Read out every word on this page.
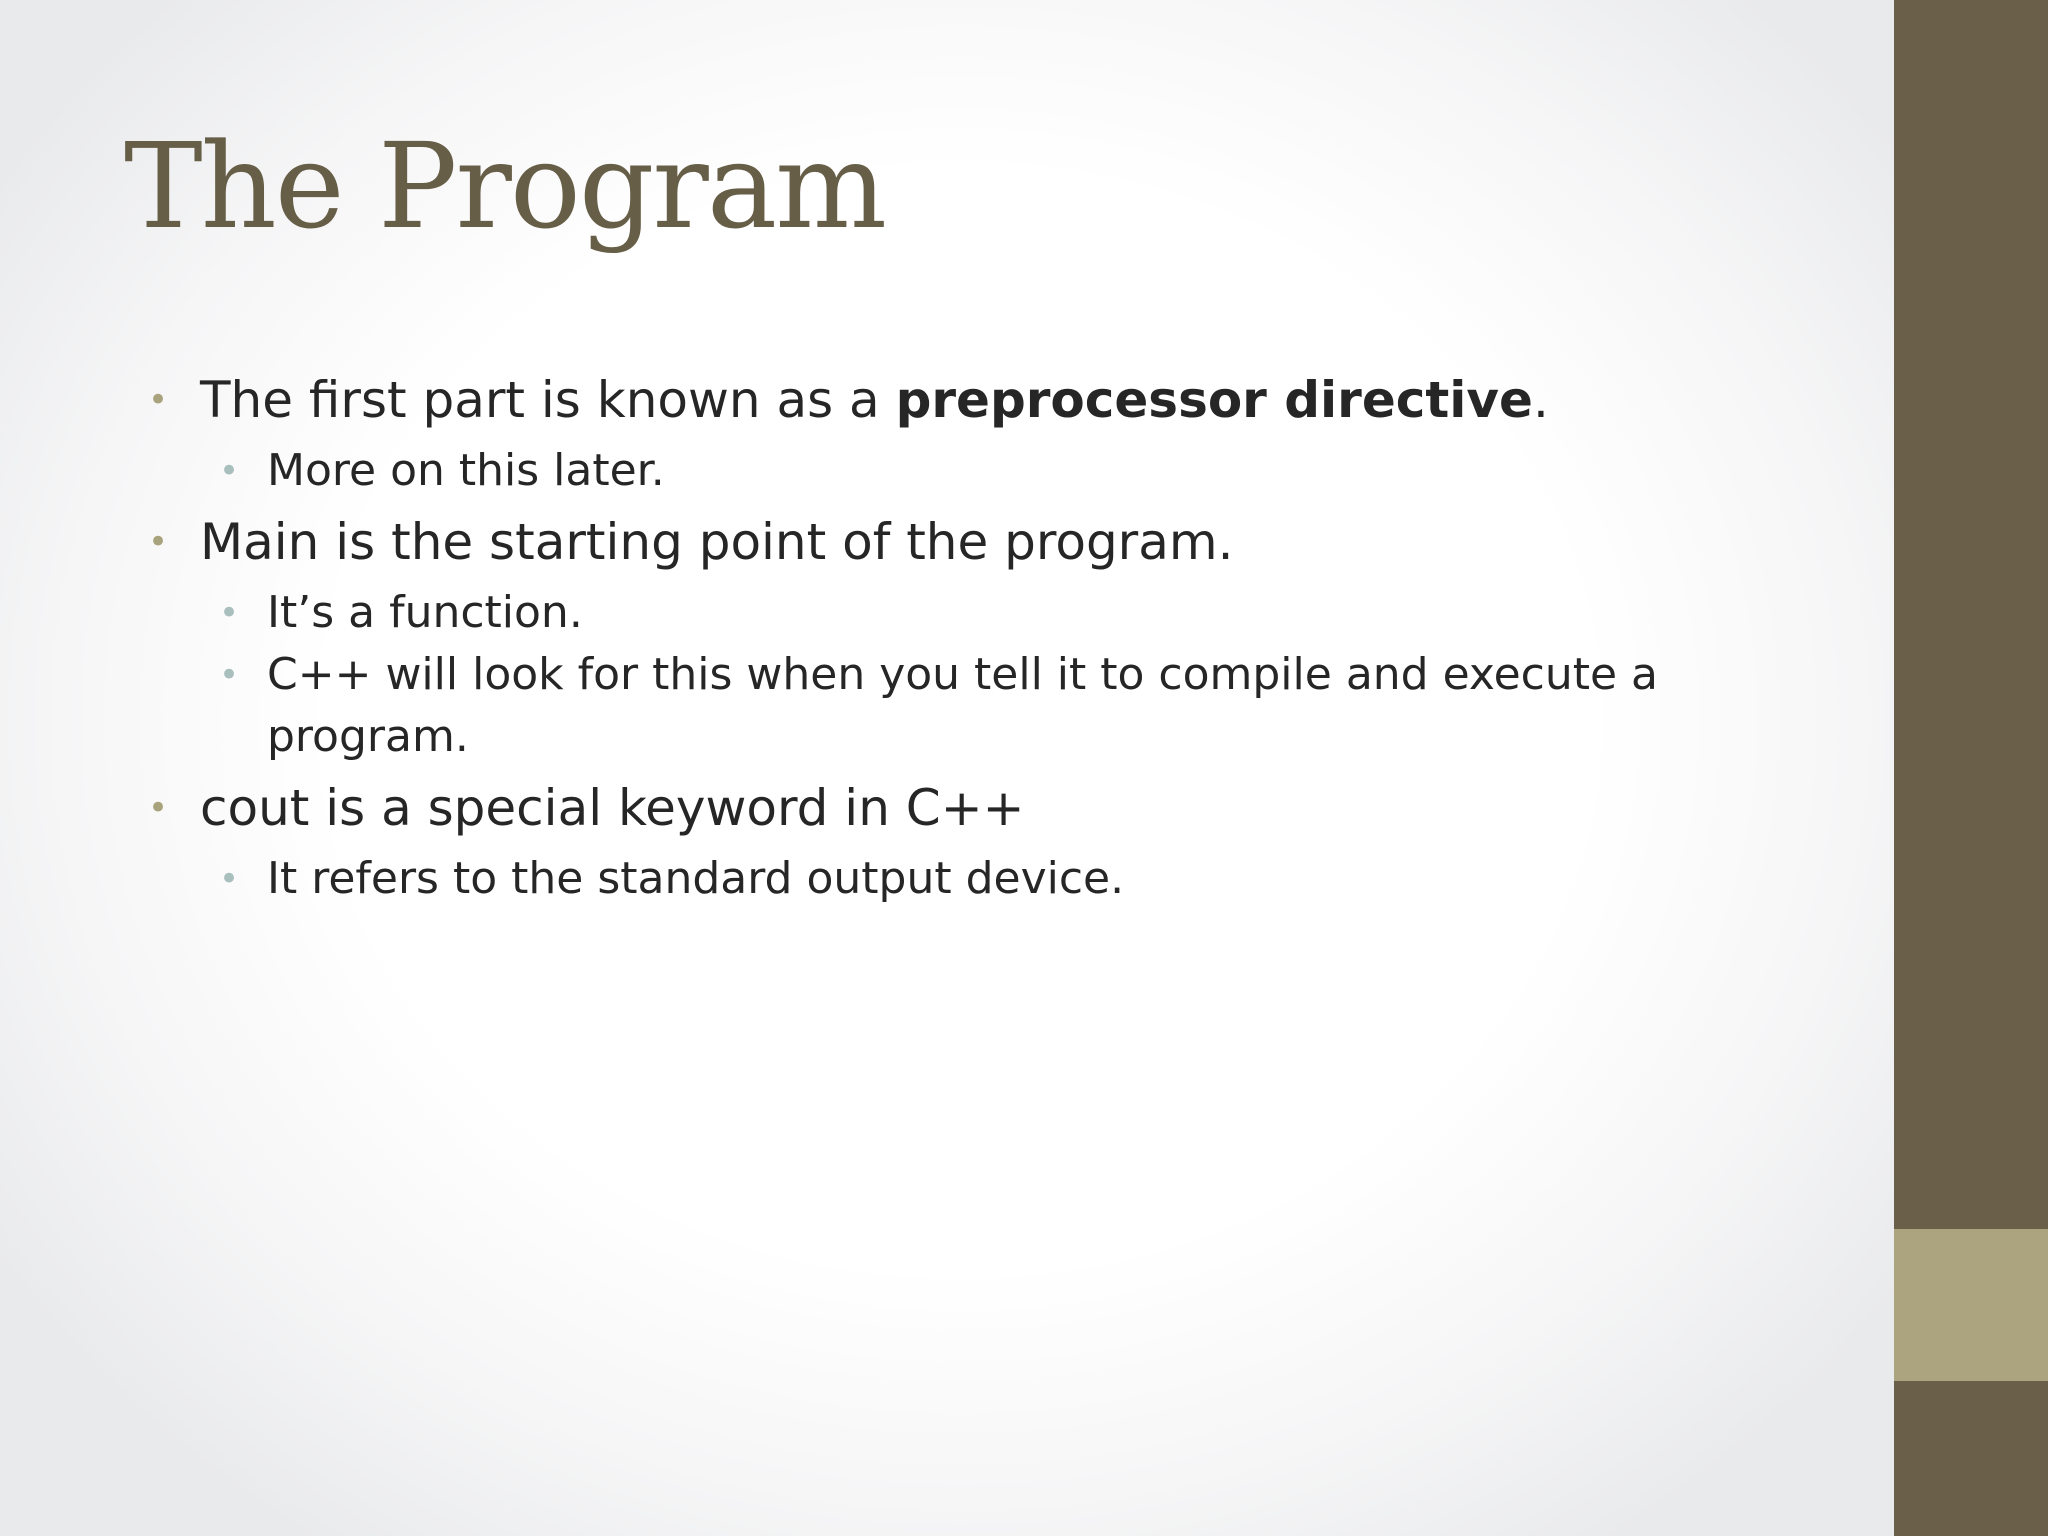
The Program
• The first part is known as a preprocessor directive.
• More on this later.
• Main is the starting point of the program.
• It’s a function.
• C++ will look for this when you tell it to compile and execute a program.
• cout is a special keyword in C++
• It refers to the standard output device.
